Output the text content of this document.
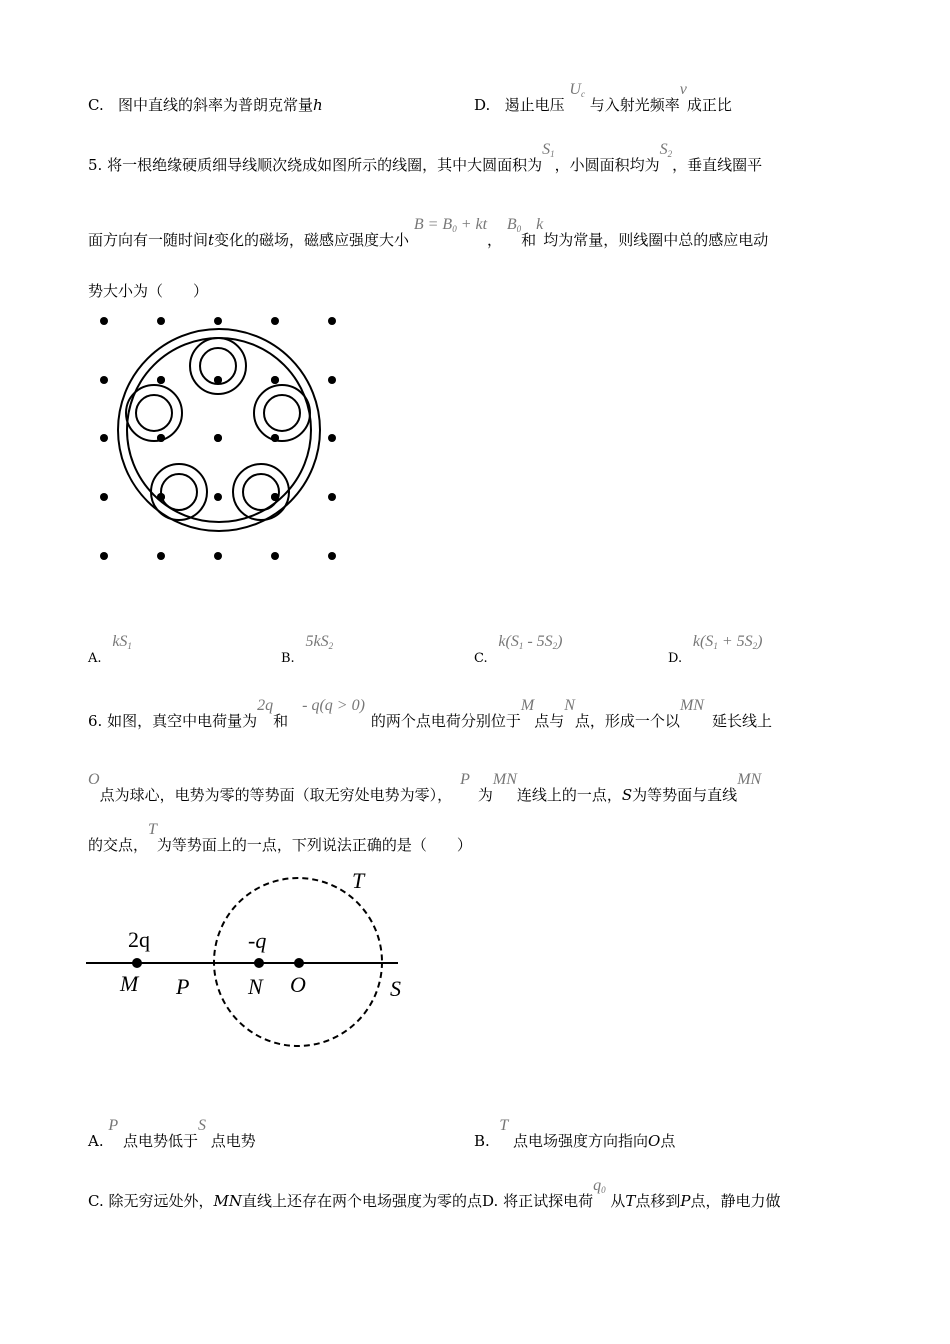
C. 图中直线的斜率为普朗克常量h	D. 遏止电压 $U_c$ 与入射光频率ν成正比
5. 将一根绝缘硬质细导线顺次绕成如图所示的线圈，其中大圆面积为$S_1$，小圆面积均为$S_2$，垂直线圈平
面方向有一随时间t变化的磁场，磁感应强度大小 $B = B_0$ + kt， $B_0$和k均为常量，则线圈中总的感应电动
势大小为（　　）
A. $kS_1$
B. $5kS_2$
C. $k(S_1 - 5S_2)$
D. $k(S_1 + 5S_2)$
6. 如图，真空中电荷量为2q和- q(q > 0)的两个点电荷分别位于M点与N点，形成一个以MN延长线上
O点为球心，电势为零的等势面（取无穷处电势为零），P为MN连线上的一点，S为等势面与直线MN
的交点，T为等势面上的一点，下列说法正确的是（　　）
2q	-q
M P	N O	S
T
A. P 点电势低于S 点电势	B.  T 点电场强度方向指向O点
C. 除无穷远处外，MN直线上还存在两个电场强度为零的点D. 将正试探电荷$q_0$ 从T点移到P点，静电力做
